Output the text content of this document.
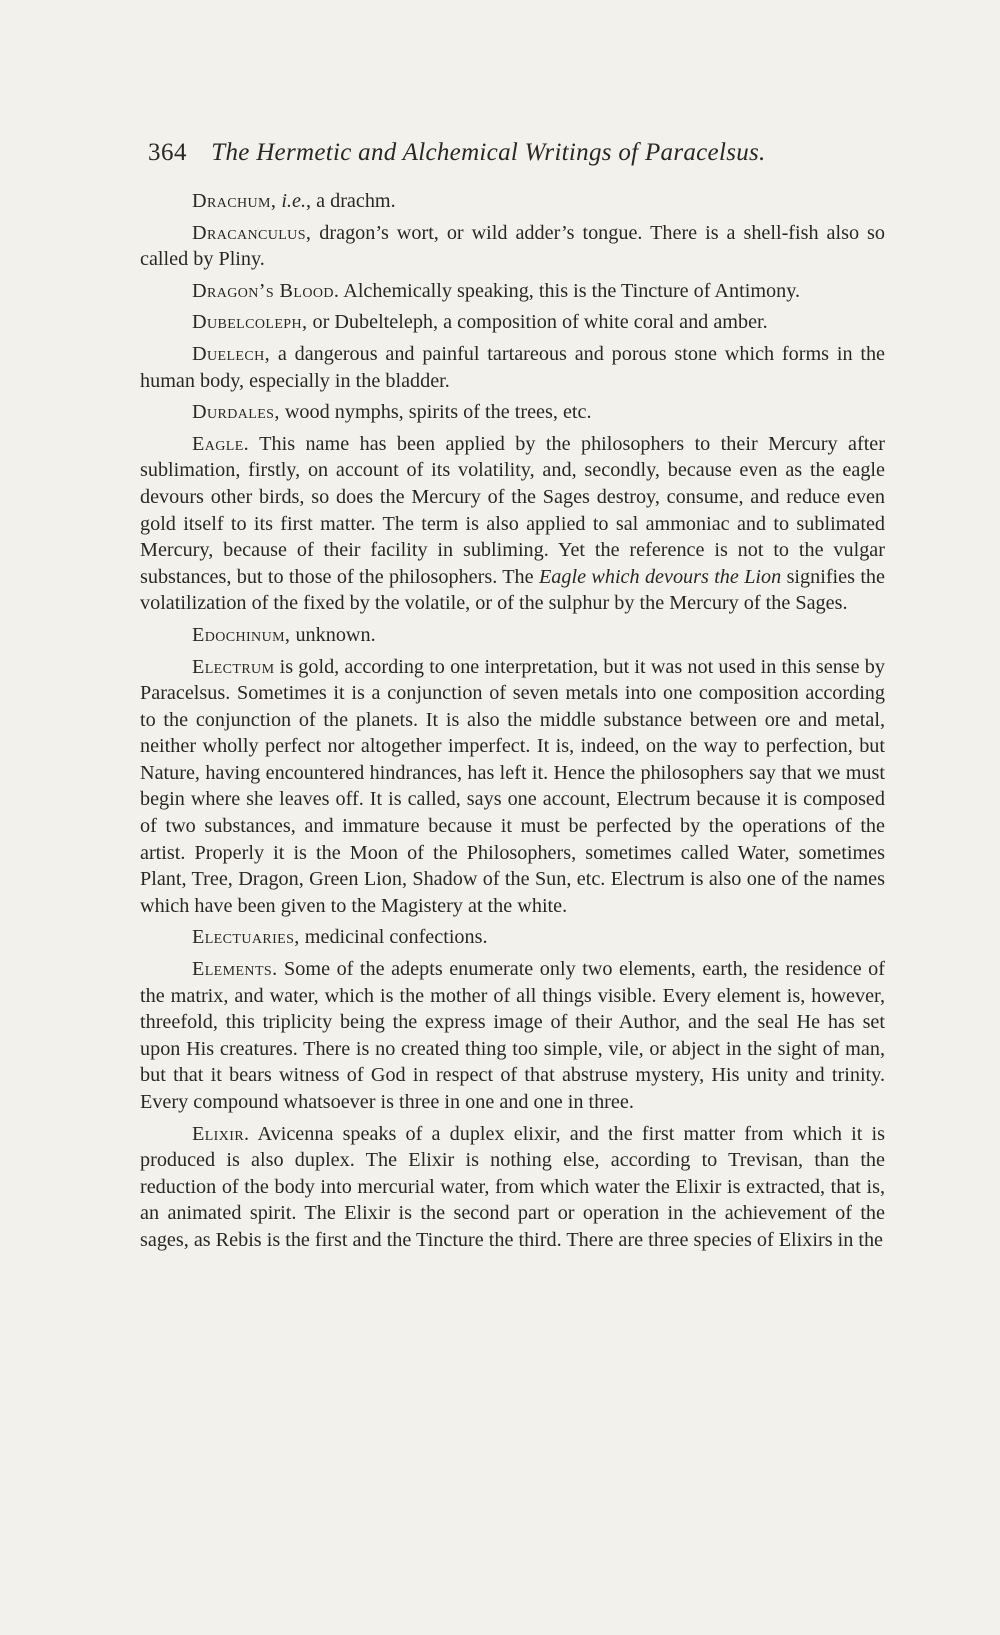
364 The Hermetic and Alchemical Writings of Paracelsus.

Drachum, i.e., a drachm.

Dracanculus, dragon’s wort, or wild adder’s tongue. There is a shell-fish also so called by Pliny.

Dragon’s Blood. Alchemically speaking, this is the Tincture of Antimony.

Dubelcoleph, or Dubelteleph, a composition of white coral and amber.

Duelech, a dangerous and painful tartareous and porous stone which forms in the human body, especially in the bladder.

Durdales, wood nymphs, spirits of the trees, etc.

Eagle. This name has been applied by the philosophers to their Mercury after sublimation, firstly, on account of its volatility, and, secondly, because even as the eagle devours other birds, so does the Mercury of the Sages destroy, consume, and reduce even gold itself to its first matter. The term is also applied to sal ammoniac and to sublimated Mercury, because of their facility in subliming. Yet the reference is not to the vulgar substances, but to those of the philosophers. The Eagle which devours the Lion signifies the volatilization of the fixed by the volatile, or of the sulphur by the Mercury of the Sages.

Edochinum, unknown.

Electrum is gold, according to one interpretation, but it was not used in this sense by Paracelsus. Sometimes it is a conjunction of seven metals into one composition according to the conjunction of the planets. It is also the middle substance between ore and metal, neither wholly perfect nor altogether imperfect. It is, indeed, on the way to perfection, but Nature, having encountered hindrances, has left it. Hence the philosophers say that we must begin where she leaves off. It is called, says one account, Electrum because it is composed of two substances, and immature because it must be perfected by the operations of the artist. Properly it is the Moon of the Philosophers, sometimes called Water, sometimes Plant, Tree, Dragon, Green Lion, Shadow of the Sun, etc. Electrum is also one of the names which have been given to the Magistery at the white.

Electuaries, medicinal confections.

Elements. Some of the adepts enumerate only two elements, earth, the residence of the matrix, and water, which is the mother of all things visible. Every element is, however, threefold, this triplicity being the express image of their Author, and the seal He has set upon His creatures. There is no created thing too simple, vile, or abject in the sight of man, but that it bears witness of God in respect of that abstruse mystery, His unity and trinity. Every compound whatsoever is three in one and one in three.

Elixir. Avicenna speaks of a duplex elixir, and the first matter from which it is produced is also duplex. The Elixir is nothing else, according to Trevisan, than the reduction of the body into mercurial water, from which water the Elixir is extracted, that is, an animated spirit. The Elixir is the second part or operation in the achievement of the sages, as Rebis is the first and the Tincture the third. There are three species of Elixirs in the
